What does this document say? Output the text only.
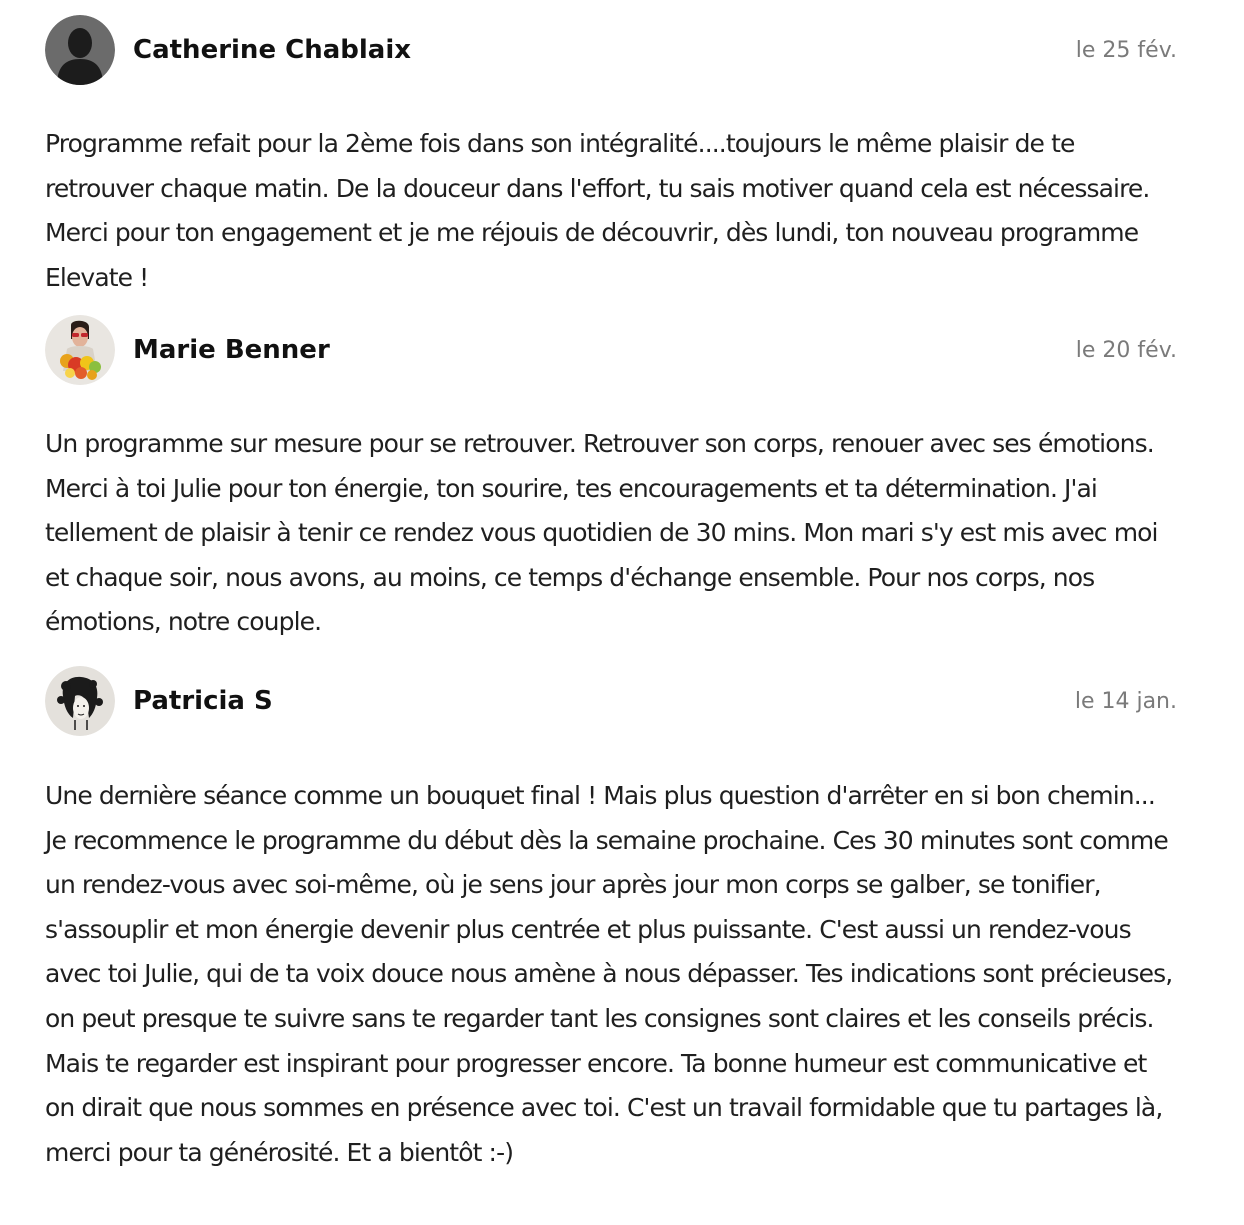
Catherine Chablaix	le 25 fév.

Programme refait pour la 2ème fois dans son intégralité....toujours le même plaisir de te retrouver chaque matin. De la douceur dans l'effort, tu sais motiver quand cela est nécessaire. Merci pour ton engagement et je me réjouis de découvrir, dès lundi, ton nouveau programme Elevate !

Marie Benner	le 20 fév.

Un programme sur mesure pour se retrouver. Retrouver son corps, renouer avec ses émotions. Merci à toi Julie pour ton énergie, ton sourire, tes encouragements et ta détermination. J'ai tellement de plaisir à tenir ce rendez vous quotidien de 30 mins. Mon mari s'y est mis avec moi et chaque soir, nous avons, au moins, ce temps d'échange ensemble. Pour nos corps, nos émotions, notre couple.

Patricia S	le 14 jan.

Une dernière séance comme un bouquet final ! Mais plus question d'arrêter en si bon chemin... Je recommence le programme du début dès la semaine prochaine. Ces 30 minutes sont comme un rendez-vous avec soi-même, où je sens jour après jour mon corps se galber, se tonifier, s'assouplir et mon énergie devenir plus centrée et plus puissante. C'est aussi un rendez-vous avec toi Julie, qui de ta voix douce nous amène à nous dépasser. Tes indications sont précieuses, on peut presque te suivre sans te regarder tant les consignes sont claires et les conseils précis. Mais te regarder est inspirant pour progresser encore. Ta bonne humeur est communicative et on dirait que nous sommes en présence avec toi. C'est un travail formidable que tu partages là, merci pour ta générosité. Et a bientôt :-)
